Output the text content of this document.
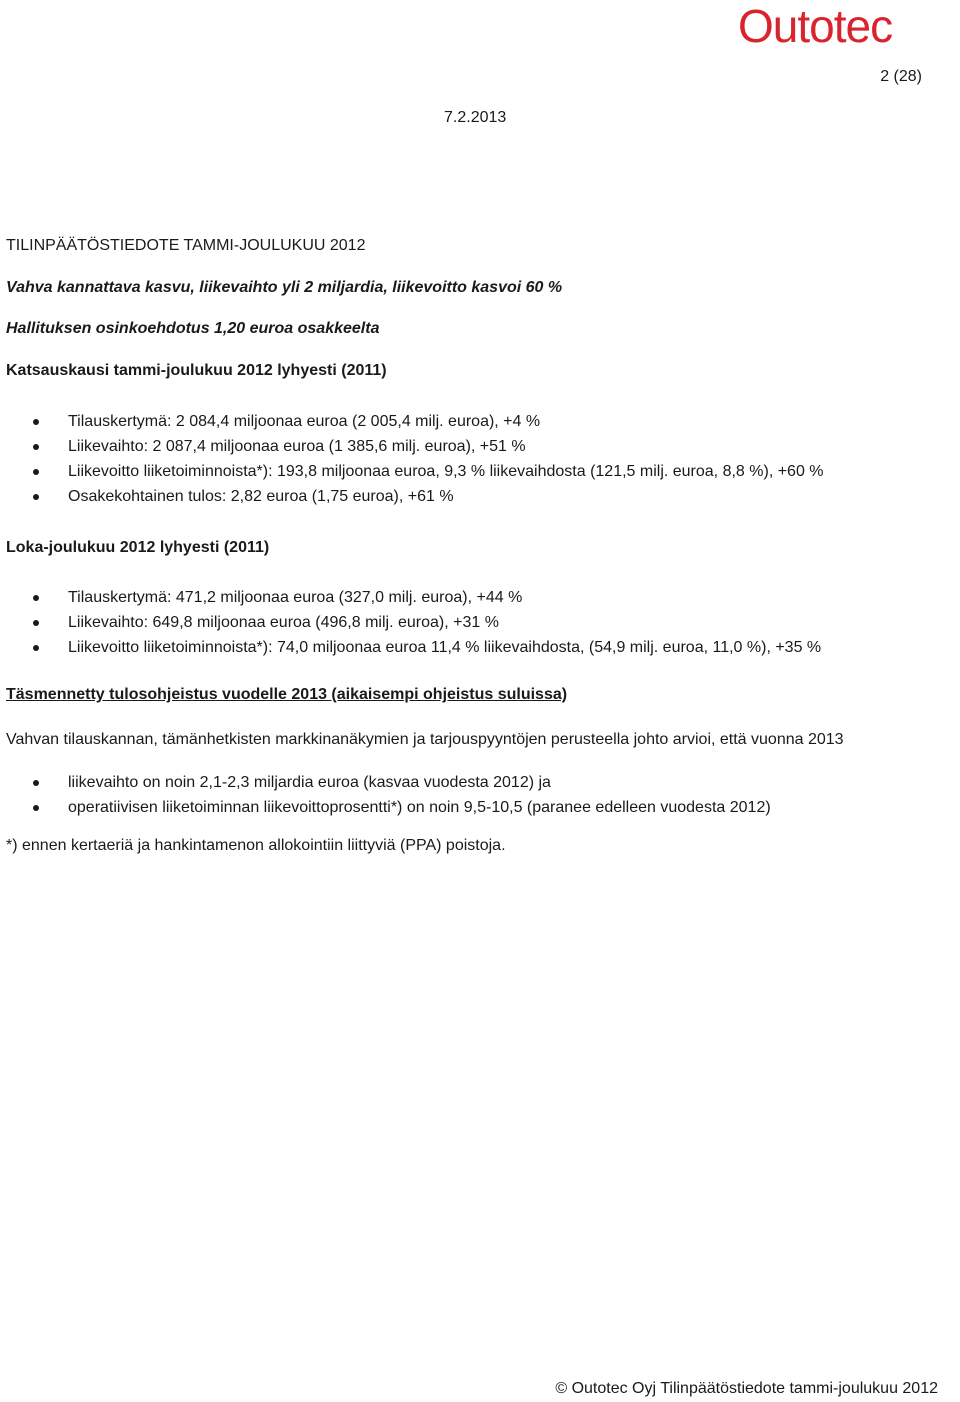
Outotec
2 (28)
7.2.2013
TILINPÄÄTÖSTIEDOTE TAMMI-JOULUKUU 2012
Vahva kannattava kasvu, liikevaihto yli 2 miljardia, liikevoitto kasvoi 60 %
Hallituksen osinkoehdotus 1,20 euroa osakkeelta
Katsauskausi tammi-joulukuu 2012 lyhyesti (2011)
Tilauskertymä: 2 084,4 miljoonaa euroa (2 005,4 milj. euroa), +4 %
Liikevaihto: 2 087,4 miljoonaa euroa (1 385,6 milj. euroa), +51 %
Liikevoitto liiketoiminnoista*): 193,8 miljoonaa euroa, 9,3 % liikevaihdosta (121,5 milj. euroa, 8,8 %), +60 %
Osakekohtainen tulos: 2,82 euroa (1,75 euroa), +61 %
Loka-joulukuu 2012 lyhyesti (2011)
Tilauskertymä: 471,2 miljoonaa euroa (327,0 milj. euroa), +44 %
Liikevaihto: 649,8 miljoonaa euroa (496,8 milj. euroa), +31 %
Liikevoitto liiketoiminnoista*): 74,0 miljoonaa euroa 11,4 % liikevaihdosta, (54,9 milj. euroa, 11,0 %), +35 %
Täsmennetty tulosohjeistus vuodelle 2013 (aikaisempi ohjeistus suluissa)
Vahvan tilauskannan, tämänhetkisten markkinanäkymien ja tarjouspyyntöjen perusteella johto arvioi, että vuonna 2013
liikevaihto on noin 2,1-2,3 miljardia euroa (kasvaa vuodesta 2012) ja
operatiivisen liiketoiminnan liikevoittoprosentti*) on noin 9,5-10,5 (paranee edelleen vuodesta 2012)
*) ennen kertaeriä ja hankintamenon allokointiin liittyviä (PPA) poistoja.
© Outotec Oyj Tilinpäätöstiedote tammi-joulukuu 2012
